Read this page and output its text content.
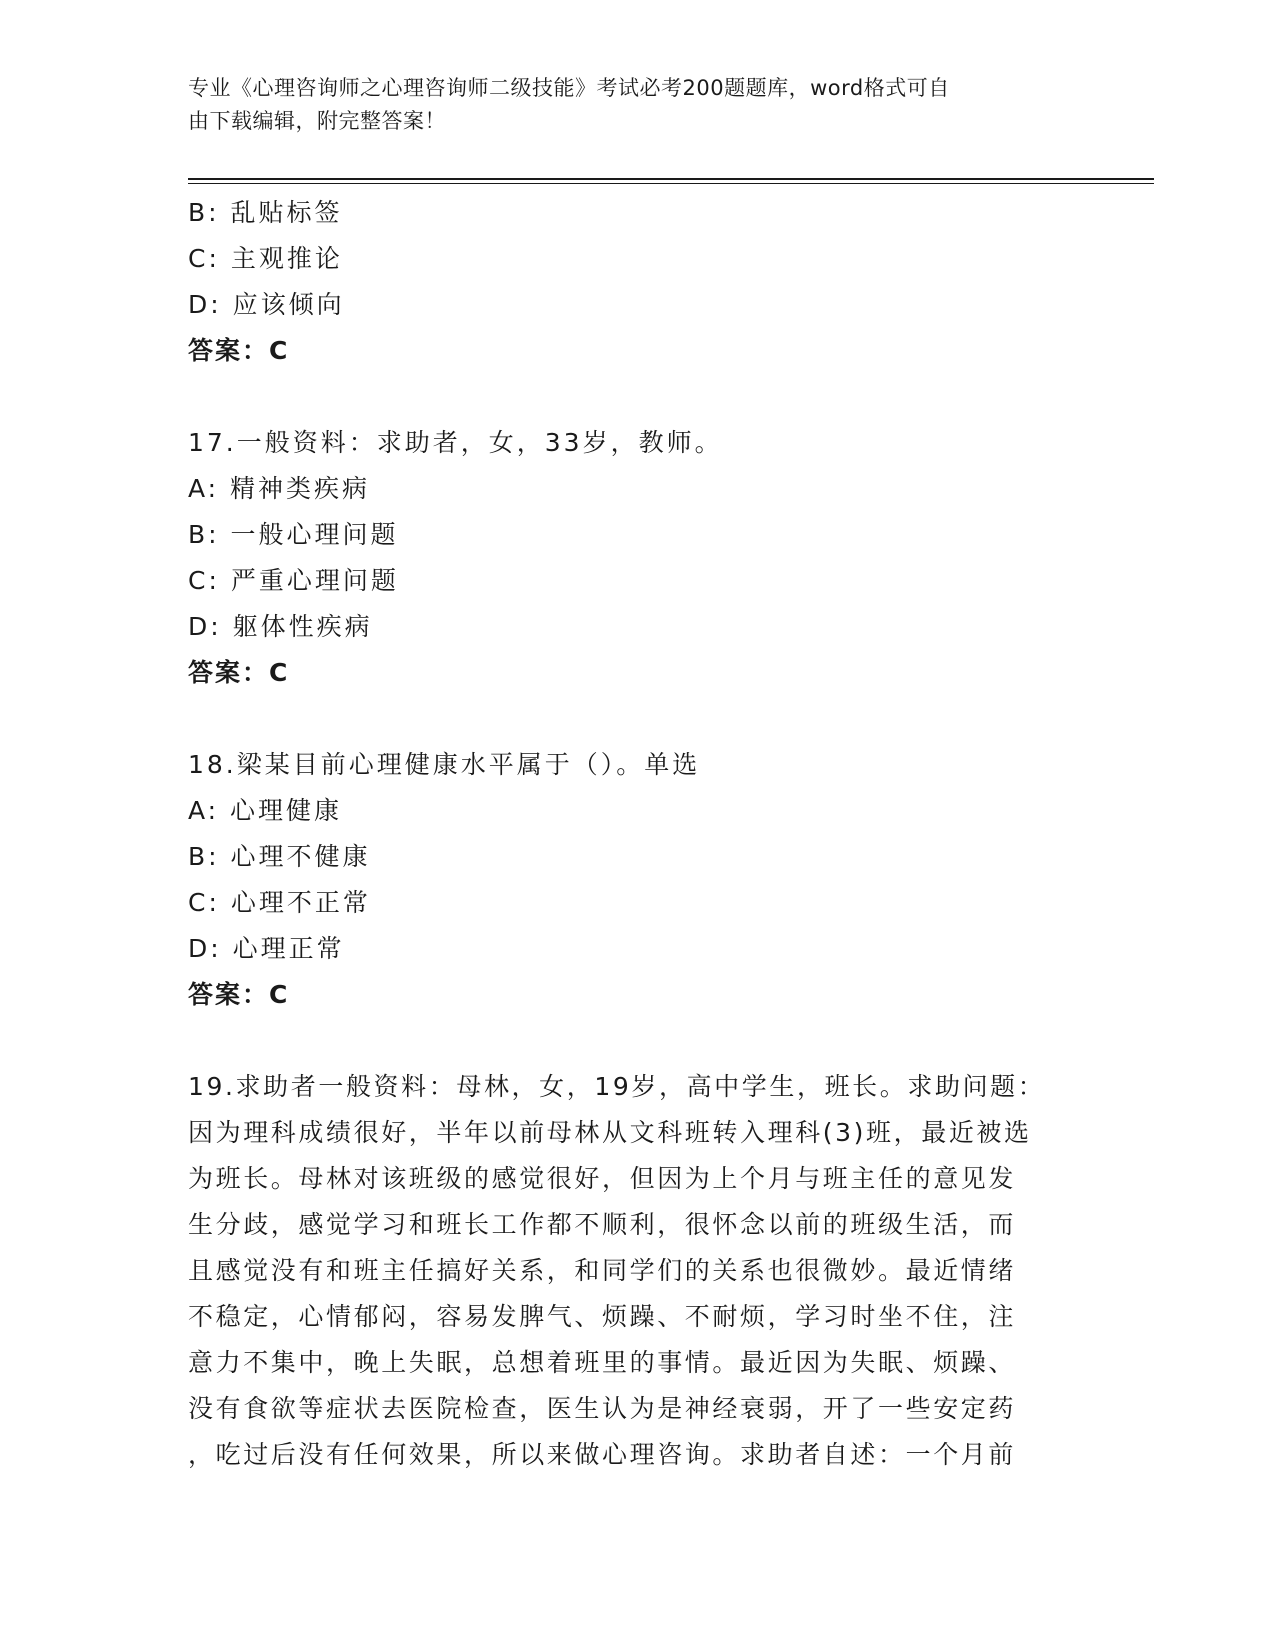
专业《心理咨询师之心理咨询师二级技能》考试必考200题题库，word格式可自
由下载编辑，附完整答案！
B: 乱贴标签
C: 主观推论
D: 应该倾向
答案：C
17.一般资料：求助者，女，33岁，教师。
A: 精神类疾病
B: 一般心理问题
C: 严重心理问题
D: 躯体性疾病
答案：C
18.梁某目前心理健康水平属于（）。单选
A: 心理健康
B: 心理不健康
C: 心理不正常
D: 心理正常
答案：C
19.求助者一般资料：母林，女，19岁，高中学生，班长。求助问题：
因为理科成绩很好，半年以前母林从文科班转入理科(3)班，最近被选
为班长。母林对该班级的感觉很好，但因为上个月与班主任的意见发
生分歧，感觉学习和班长工作都不顺利，很怀念以前的班级生活，而
且感觉没有和班主任搞好关系，和同学们的关系也很微妙。最近情绪
不稳定，心情郁闷，容易发脾气、烦躁、不耐烦，学习时坐不住，注
意力不集中，晚上失眠，总想着班里的事情。最近因为失眠、烦躁、
没有食欲等症状去医院检查，医生认为是神经衰弱，开了一些安定药
，吃过后没有任何效果，所以来做心理咨询。求助者自述：一个月前
